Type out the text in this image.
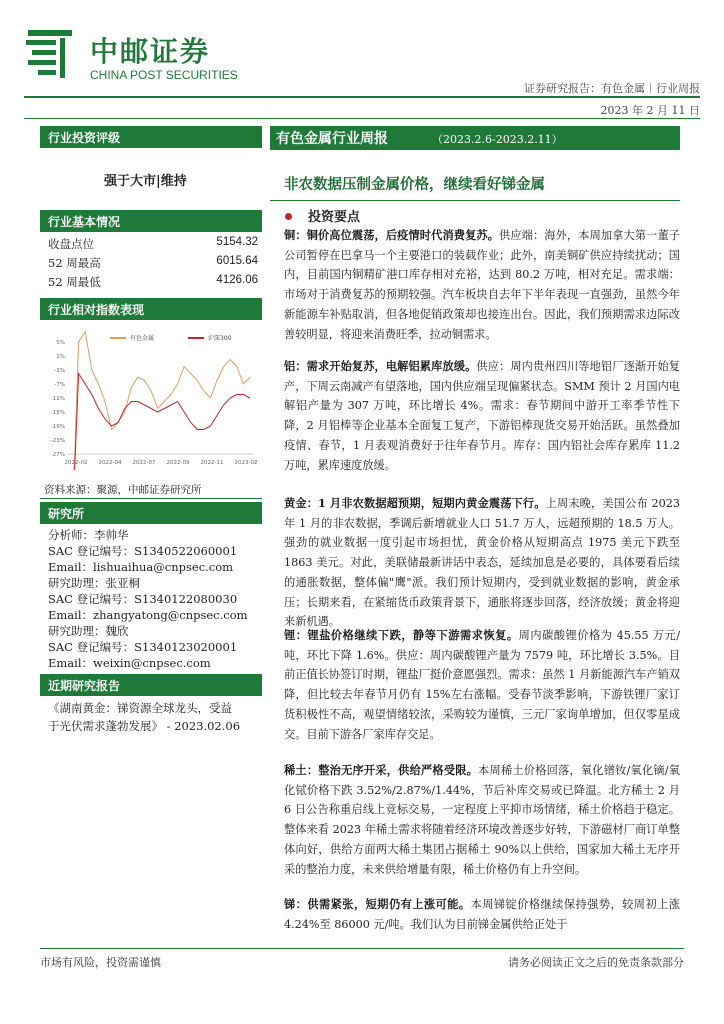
中邮证券
CHINA POST SECURITIES
证券研究报告：有色金属｜行业周报
2023 年 2 月 11 日
行业投资评级
强于大市|维持
行业基本情况
收盘点位	5154.32
52 周最高	6015.64
52 周最低	4126.06
行业相对指数表现
5%
1%
-3%
-7%
-11%
-15%
-19%
-23%
-27%
2022-02 2022-04 2022-07 2022-09 2022-11 2023-02
有色金属	沪深300
资料来源：聚源，中邮证券研究所
研究所
分析师：李帅华
SAC 登记编号：S1340522060001
Email：lishuaihua@cnpsec.com
研究助理：张亚桐
SAC 登记编号：S1340122080030
Email：zhangyatong@cnpsec.com
研究助理：魏欣
SAC 登记编号：S1340123020001
Email：weixin@cnpsec.com
近期研究报告
《湖南黄金：锑资源全球龙头，受益
于光伏需求蓬勃发展》 - 2023.02.06
有色金属行业周报	（2023.2.6-2023.2.11）
非农数据压制金属价格，继续看好锑金属
投资要点
铜：铜价高位震荡，后疫情时代消费复苏。供应端：海外，本周加拿大第一董子公司暂停在巴拿马一个主要港口的装载作业；此外，南美铜矿供应持续扰动；国内，目前国内铜精矿港口库存相对充裕，达到 80.2 万吨，相对充足。需求端：市场对于消费复苏的预期较强。汽车板块自去年下半年表现一直强劲，虽然今年新能源车补贴取消，但各地促销政策却也接连出台。因此，我们预期需求边际改善较明显，将迎来消费旺季，拉动铜需求。
铝：需求开始复苏，电解铝累库放缓。供应：周内贵州四川等地铝厂逐渐开始复产，下周云南减产有望落地，国内供应端呈现偏紧状态。SMM 预计 2 月国内电解铝产量为 307 万吨，环比增长 4%。需求：春节期间中游开工率季节性下降，2 月铝棒等企业基本全面复工复产，下游铝棒现货交易开始活跃。虽然叠加疫情、春节，1 月表观消费好于往年春节月。库存：国内铝社会库存累库 11.2 万吨，累库速度放缓。
黄金：1 月非农数据超预期，短期内黄金震荡下行。上周末晚，美国公布 2023 年 1 月的非农数据，季调后新增就业人口 51.7 万人，远超预期的 18.5 万人。强劲的就业数据一度引起市场担忧，黄金价格从短期高点 1975 美元下跌至 1863 美元。对此，美联储最新讲话中表态，延续加息是必要的，具体要看后续的通胀数据，整体偏"鹰"派。我们预计短期内，受到就业数据的影响，黄金承压；长期来看，在紧缩货币政策背景下，通胀将逐步回落，经济放缓；黄金将迎来新机遇。
锂：锂盐价格继续下跌，静等下游需求恢复。周内碳酸锂价格为 45.55 万元/吨，环比下降 1.6%。供应：周内碳酸锂产量为 7579 吨，环比增长 3.5%。目前正值长协签订时期，锂盐厂挺价意愿强烈。需求：虽然 1 月新能源汽车产销双降，但比较去年春节月仍有 15%左右涨幅。受春节淡季影响，下游铁锂厂家订货积极性不高，观望情绪较浓，采购较为谨慎，三元厂家询单增加，但仅零星成交。目前下游各厂家库存交足。
稀土：整治无序开采，供给严格受限。本周稀土价格回落，氧化镨钕/氧化镝/氧化铽价格下跌 3.52%/2.87%/1.44%，节后补库交易或已降温。北方稀土 2 月 6 日公告称重启线上竞标交易，一定程度上平抑市场情绪，稀土价格趋于稳定。整体来看 2023 年稀土需求将随着经济环境改善逐步好转，下游磁材厂商订单整体向好，供给方面两大稀土集团占据稀土 90%以上供给，国家加大稀土无序开采的整治力度，未来供给增量有限，稀土价格仍有上升空间。
锑：供需紧张，短期仍有上涨可能。本周锑锭价格继续保持强势，较周初上涨 4.24%至 86000 元/吨。我们认为目前锑金属供给正处于
市场有风险，投资需谨慎	请务必阅读正文之后的免责条款部分
